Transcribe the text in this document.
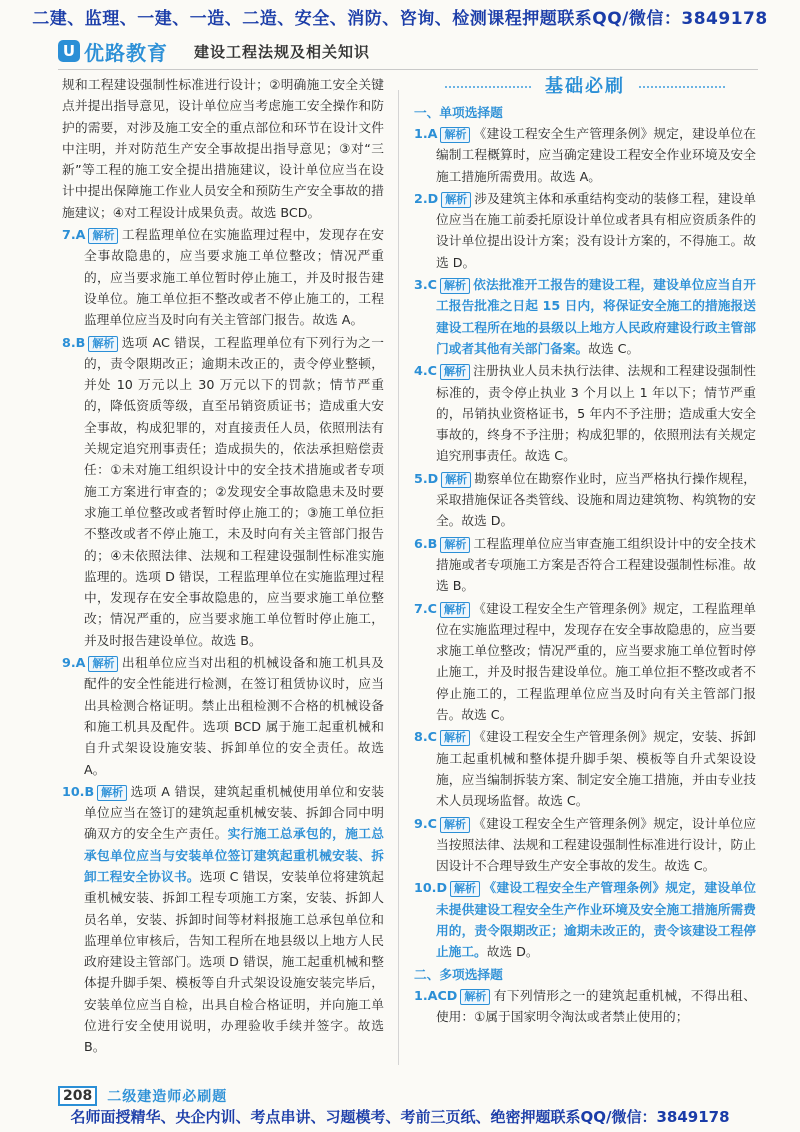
二建、监理、一建、一造、二造、安全、消防、咨询、检测课程押题联系QQ/微信：3849178
U 优路教育 建设工程法规及相关知识

规和工程建设强制性标准进行设计；②明确施工安全关键点并提出指导意见，设计单位应当考虑施工安全操作和防护的需要，对涉及施工安全的重点部位和环节在设计文件中注明，并对防范生产安全事故提出指导意见；③对“三新”等工程的施工安全提出措施建议，设计单位应当在设计中提出保障施工作业人员安全和预防生产安全事故的措施建议；④对工程设计成果负责。故选 BCD。

7.A 解析 工程监理单位在实施监理过程中，发现存在安全事故隐患的，应当要求施工单位整改；情况严重的，应当要求施工单位暂时停止施工，并及时报告建设单位。施工单位拒不整改或者不停止施工的，工程监理单位应当及时向有关主管部门报告。故选 A。

8.B 解析 选项 AC 错误，工程监理单位有下列行为之一的，责令限期改正；逾期未改正的，责令停业整顿，并处 10 万元以上 30 万元以下的罚款；情节严重的，降低资质等级，直至吊销资质证书；造成重大安全事故，构成犯罪的，对直接责任人员，依照刑法有关规定追究刑事责任；造成损失的，依法承担赔偿责任：①未对施工组织设计中的安全技术措施或者专项施工方案进行审查的；②发现安全事故隐患未及时要求施工单位整改或者暂时停止施工的；③施工单位拒不整改或者不停止施工，未及时向有关主管部门报告的；④未依照法律、法规和工程建设强制性标准实施监理的。选项 D 错误，工程监理单位在实施监理过程中，发现存在安全事故隐患的，应当要求施工单位整改；情况严重的，应当要求施工单位暂时停止施工，并及时报告建设单位。故选 B。

9.A 解析 出租单位应当对出租的机械设备和施工机具及配件的安全性能进行检测，在签订租赁协议时，应当出具检测合格证明。禁止出租检测不合格的机械设备和施工机具及配件。选项 BCD 属于施工起重机械和自升式架设设施安装、拆卸单位的安全责任。故选 A。

10.B 解析 选项 A 错误，建筑起重机械使用单位和安装单位应当在签订的建筑起重机械安装、拆卸合同中明确双方的安全生产责任。实行施工总承包的，施工总承包单位应当与安装单位签订建筑起重机械安装、拆卸工程安全协议书。选项 C 错误，安装单位将建筑起重机械安装、拆卸工程专项施工方案，安装、拆卸人员名单，安装、拆卸时间等材料报施工总承包单位和监理单位审核后，告知工程所在地县级以上地方人民政府建设主管部门。选项 D 错误，施工起重机械和整体提升脚手架、模板等自升式架设设施安装完毕后，安装单位应当自检，出具自检合格证明，并向施工单位进行安全使用说明，办理验收手续并签字。故选 B。

基础必刷

一、单项选择题

1.A 解析 《建设工程安全生产管理条例》规定，建设单位在编制工程概算时，应当确定建设工程安全作业环境及安全施工措施所需费用。故选 A。

2.D 解析 涉及建筑主体和承重结构变动的装修工程，建设单位应当在施工前委托原设计单位或者具有相应资质条件的设计单位提出设计方案；没有设计方案的，不得施工。故选 D。

3.C 解析 依法批准开工报告的建设工程，建设单位应当自开工报告批准之日起 15 日内，将保证安全施工的措施报送建设工程所在地的县级以上地方人民政府建设行政主管部门或者其他有关部门备案。故选 C。

4.C 解析 注册执业人员未执行法律、法规和工程建设强制性标准的，责令停止执业 3 个月以上 1 年以下；情节严重的，吊销执业资格证书，5 年内不予注册；造成重大安全事故的，终身不予注册；构成犯罪的，依照刑法有关规定追究刑事责任。故选 C。

5.D 解析 勘察单位在勘察作业时，应当严格执行操作规程，采取措施保证各类管线、设施和周边建筑物、构筑物的安全。故选 D。

6.B 解析 工程监理单位应当审查施工组织设计中的安全技术措施或者专项施工方案是否符合工程建设强制性标准。故选 B。

7.C 解析 《建设工程安全生产管理条例》规定，工程监理单位在实施监理过程中，发现存在安全事故隐患的，应当要求施工单位整改；情况严重的，应当要求施工单位暂时停止施工，并及时报告建设单位。施工单位拒不整改或者不停止施工的，工程监理单位应当及时向有关主管部门报告。故选 C。

8.C 解析 《建设工程安全生产管理条例》规定，安装、拆卸施工起重机械和整体提升脚手架、模板等自升式架设设施，应当编制拆装方案、制定安全施工措施，并由专业技术人员现场监督。故选 C。

9.C 解析 《建设工程安全生产管理条例》规定，设计单位应当按照法律、法规和工程建设强制性标准进行设计，防止因设计不合理导致生产安全事故的发生。故选 C。

10.D 解析 《建设工程安全生产管理条例》规定，建设单位未提供建设工程安全生产作业环境及安全施工措施所需费用的，责令限期改正；逾期未改正的，责令该建设工程停止施工。故选 D。

二、多项选择题

1.ACD 解析 有下列情形之一的建筑起重机械，不得出租、使用：①属于国家明令淘汰或者禁止使用的；

208	二级建造师必刷题
名师面授精华、央企内训、考点串讲、习题模考、考前三页纸、绝密押题联系QQ/微信：3849178
